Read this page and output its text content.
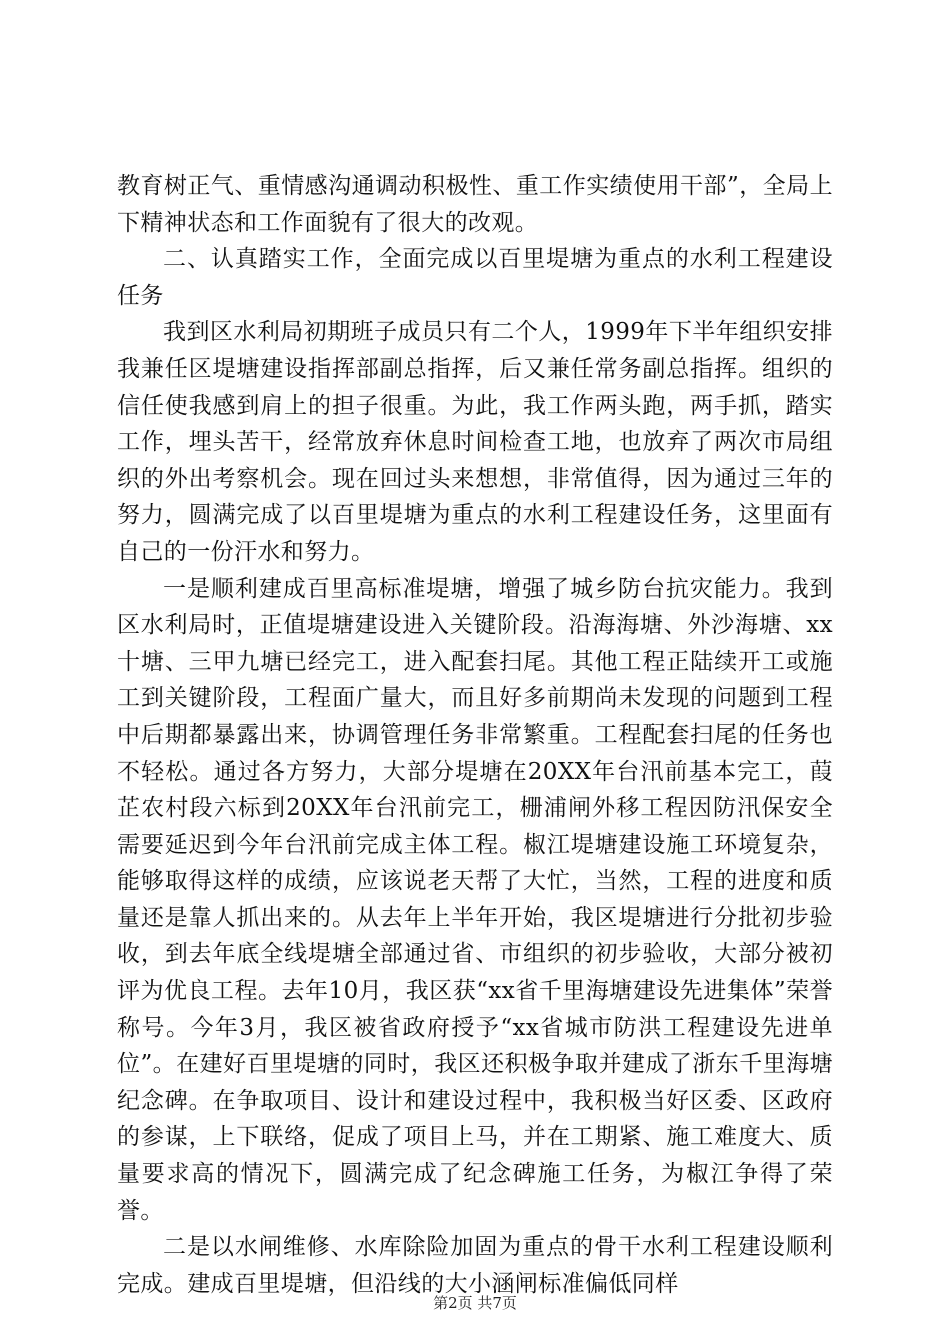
教育树正气、重情感沟通调动积极性、重工作实绩使用干部”，全局上下精神状态和工作面貌有了很大的改观。

二、认真踏实工作，全面完成以百里堤塘为重点的水利工程建设任务

我到区水利局初期班子成员只有二个人，1999年下半年组织安排我兼任区堤塘建设指挥部副总指挥，后又兼任常务副总指挥。组织的信任使我感到肩上的担子很重。为此，我工作两头跑，两手抓，踏实工作，埋头苦干，经常放弃休息时间检查工地，也放弃了两次市局组织的外出考察机会。现在回过头来想想，非常值得，因为通过三年的努力，圆满完成了以百里堤塘为重点的水利工程建设任务，这里面有自己的一份汗水和努力。

一是顺利建成百里高标准堤塘，增强了城乡防台抗灾能力。我到区水利局时，正值堤塘建设进入关键阶段。沿海海塘、外沙海塘、xx十塘、三甲九塘已经完工，进入配套扫尾。其他工程正陆续开工或施工到关键阶段，工程面广量大，而且好多前期尚未发现的问题到工程中后期都暴露出来，协调管理任务非常繁重。工程配套扫尾的任务也不轻松。通过各方努力，大部分堤塘在20XX年台汛前基本完工，葭芷农村段六标到20XX年台汛前完工，栅浦闸外移工程因防汛保安全需要延迟到今年台汛前完成主体工程。椒江堤塘建设施工环境复杂，能够取得这样的成绩，应该说老天帮了大忙，当然，工程的进度和质量还是靠人抓出来的。从去年上半年开始，我区堤塘进行分批初步验收，到去年底全线堤塘全部通过省、市组织的初步验收，大部分被初评为优良工程。去年10月，我区获“xx省千里海塘建设先进集体”荣誉称号。今年3月，我区被省政府授予“xx省城市防洪工程建设先进单位”。在建好百里堤塘的同时，我区还积极争取并建成了浙东千里海塘纪念碑。在争取项目、设计和建设过程中，我积极当好区委、区政府的参谋，上下联络，促成了项目上马，并在工期紧、施工难度大、质量要求高的情况下，圆满完成了纪念碑施工任务，为椒江争得了荣誉。

二是以水闸维修、水库除险加固为重点的骨干水利工程建设顺利完成。建成百里堤塘，但沿线的大小涵闸标准偏低同样

第2页 共7页
